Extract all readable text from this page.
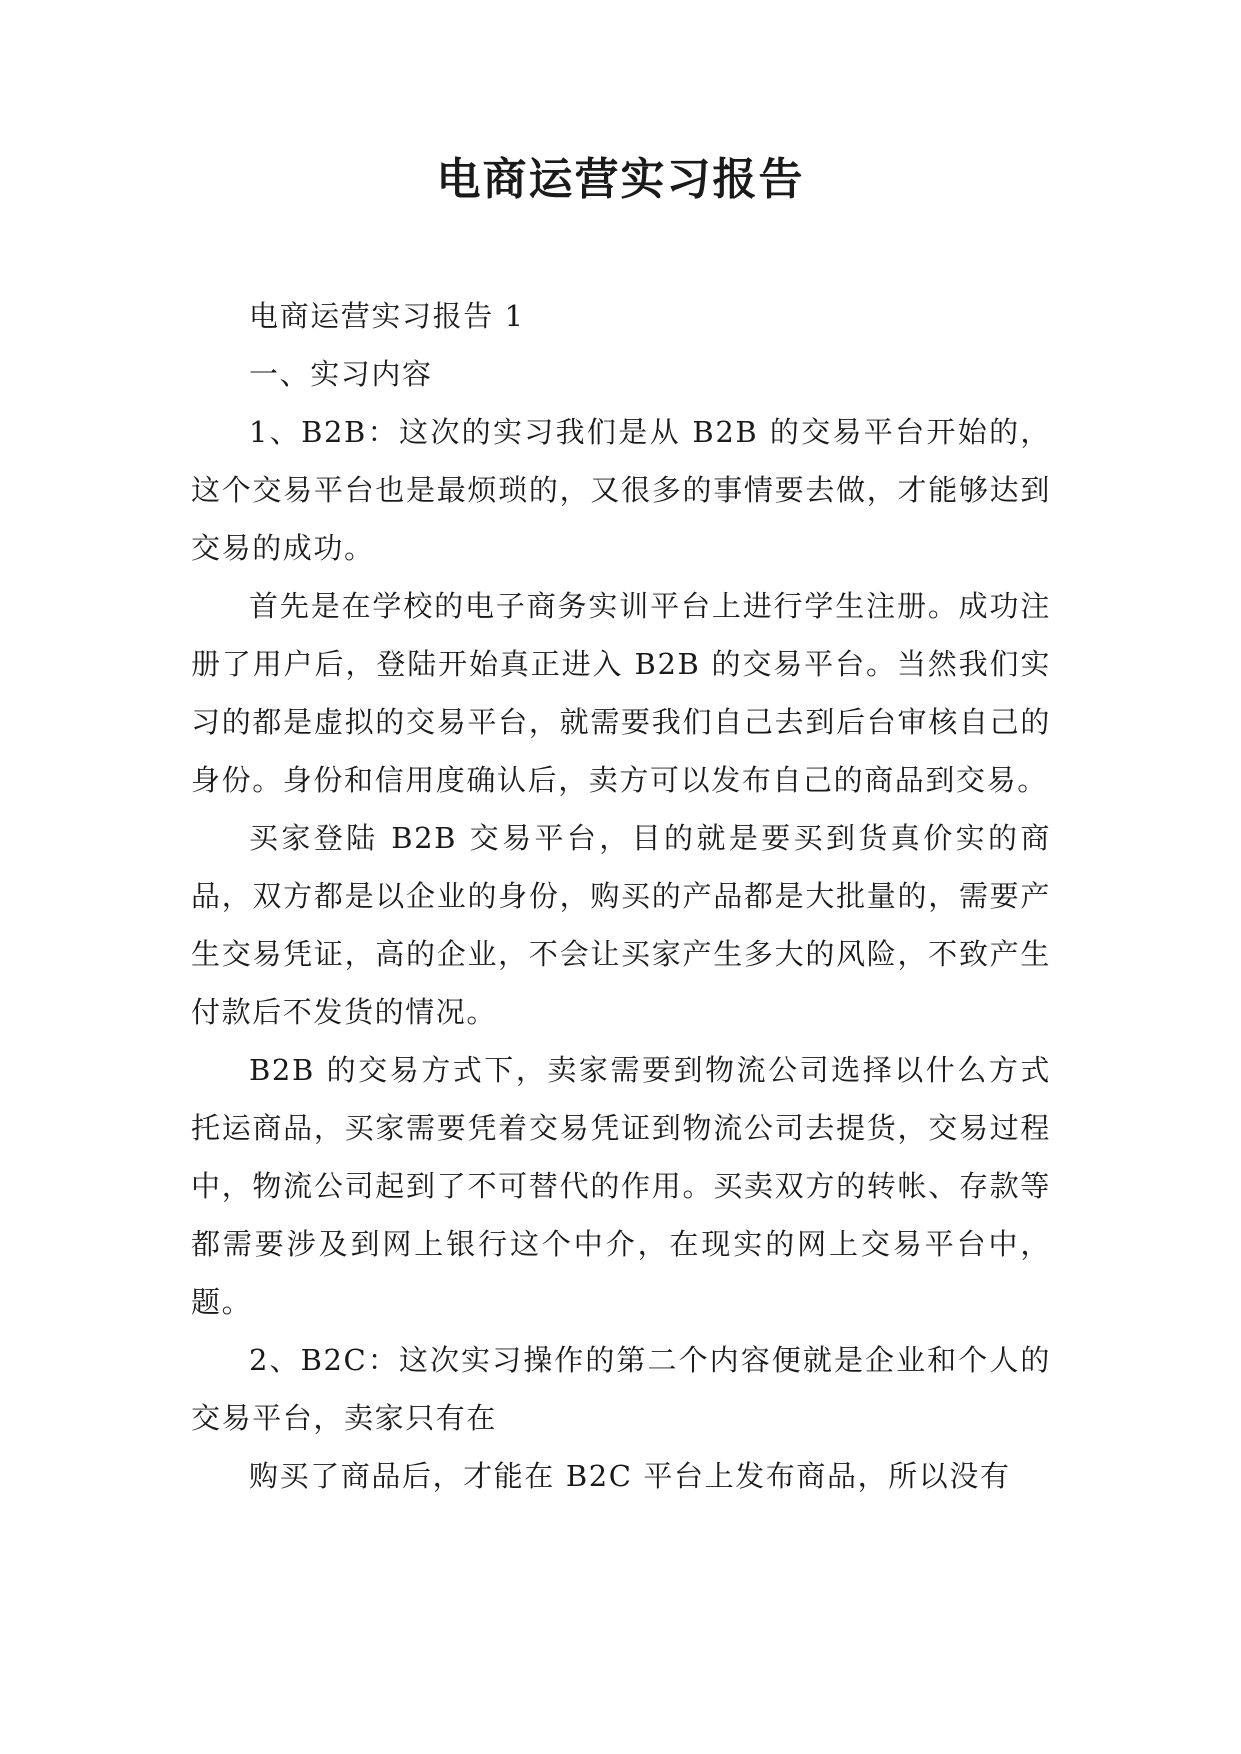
电商运营实习报告

电商运营实习报告 1

一、实习内容

1、B2B：这次的实习我们是从 B2B 的交易平台开始的，这个交易平台也是最烦琐的，又很多的事情要去做，才能够达到交易的成功。

首先是在学校的电子商务实训平台上进行学生注册。成功注册了用户后，登陆开始真正进入 B2B 的交易平台。当然我们实习的都是虚拟的交易平台，就需要我们自己去到后台审核自己的身份。身份和信用度确认后，卖方可以发布自己的商品到交易。

买家登陆 B2B 交易平台，目的就是要买到货真价实的商品，双方都是以企业的身份，购买的产品都是大批量的，需要产生交易凭证，高的企业，不会让买家产生多大的风险，不致产生付款后不发货的情况。

B2B 的交易方式下，卖家需要到物流公司选择以什么方式托运商品，买家需要凭着交易凭证到物流公司去提货，交易过程中，物流公司起到了不可替代的作用。买卖双方的转帐、存款等都需要涉及到网上银行这个中介，在现实的网上交易平台中，题。

2、B2C：这次实习操作的第二个内容便就是企业和个人的交易平台，卖家只有在

购买了商品后，才能在 B2C 平台上发布商品，所以没有
